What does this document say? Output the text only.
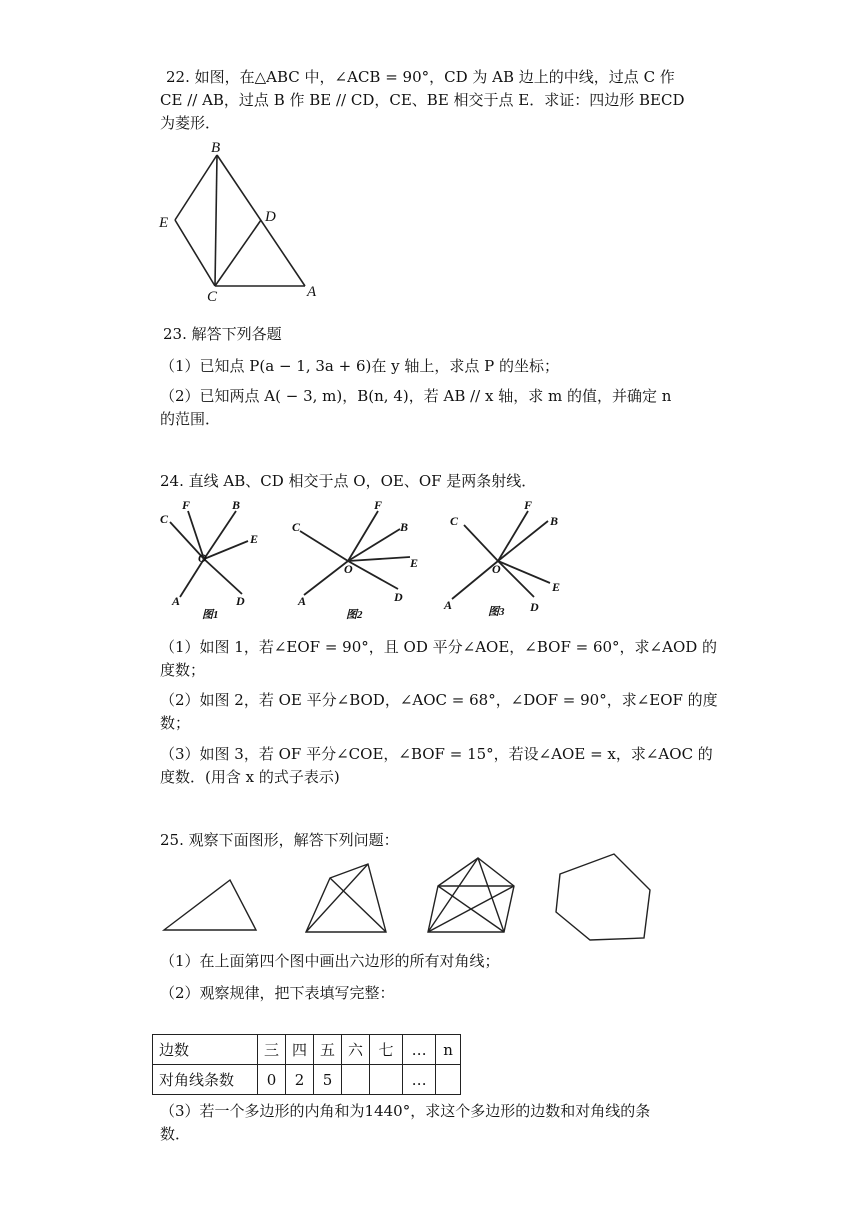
22. 如图，在△ABC 中，∠ACB = 90°，CD 为 AB 边上的中线，过点 C 作
CE // AB，过点 B 作 BE // CD，CE、BE 相交于点 E．求证：四边形 BECD
为菱形．
B
E	D
C	A
23. 解答下列各题
（1）已知点 P(a − 1, 3a + 6)在 y 轴上，求点 P 的坐标；
（2）已知两点 A( − 3, m)，B(n, 4)，若 AB // x 轴，求 m 的值，并确定 n
的范围．
24. 直线 AB、CD 相交于点 O，OE、OF 是两条射线．
C
F	B
E
O
D
A
图1
C
F
B
E
O
D
A
图2
C
F
B
E
O
D
A	图3
（1）如图 1，若∠EOF = 90°，且 OD 平分∠AOE，∠BOF = 60°，求∠AOD 的
度数；
（2）如图 2，若 OE 平分∠BOD，∠AOC = 68°，∠DOF = 90°，求∠EOF 的度
数；
（3）如图 3，若 OF 平分∠COE，∠BOF = 15°，若设∠AOE = x，求∠AOC 的
度数．(用含 x 的式子表示)
25. 观察下面图形，解答下列问题：
（1）在上面第四个图中画出六边形的所有对角线；
（2）观察规律，把下表填写完整：
边数	三	四	五	六	七	…	n
对角线条数	0	2	5			…	
（3）若一个多边形的内角和为1440°，求这个多边形的边数和对角线的条
数．
